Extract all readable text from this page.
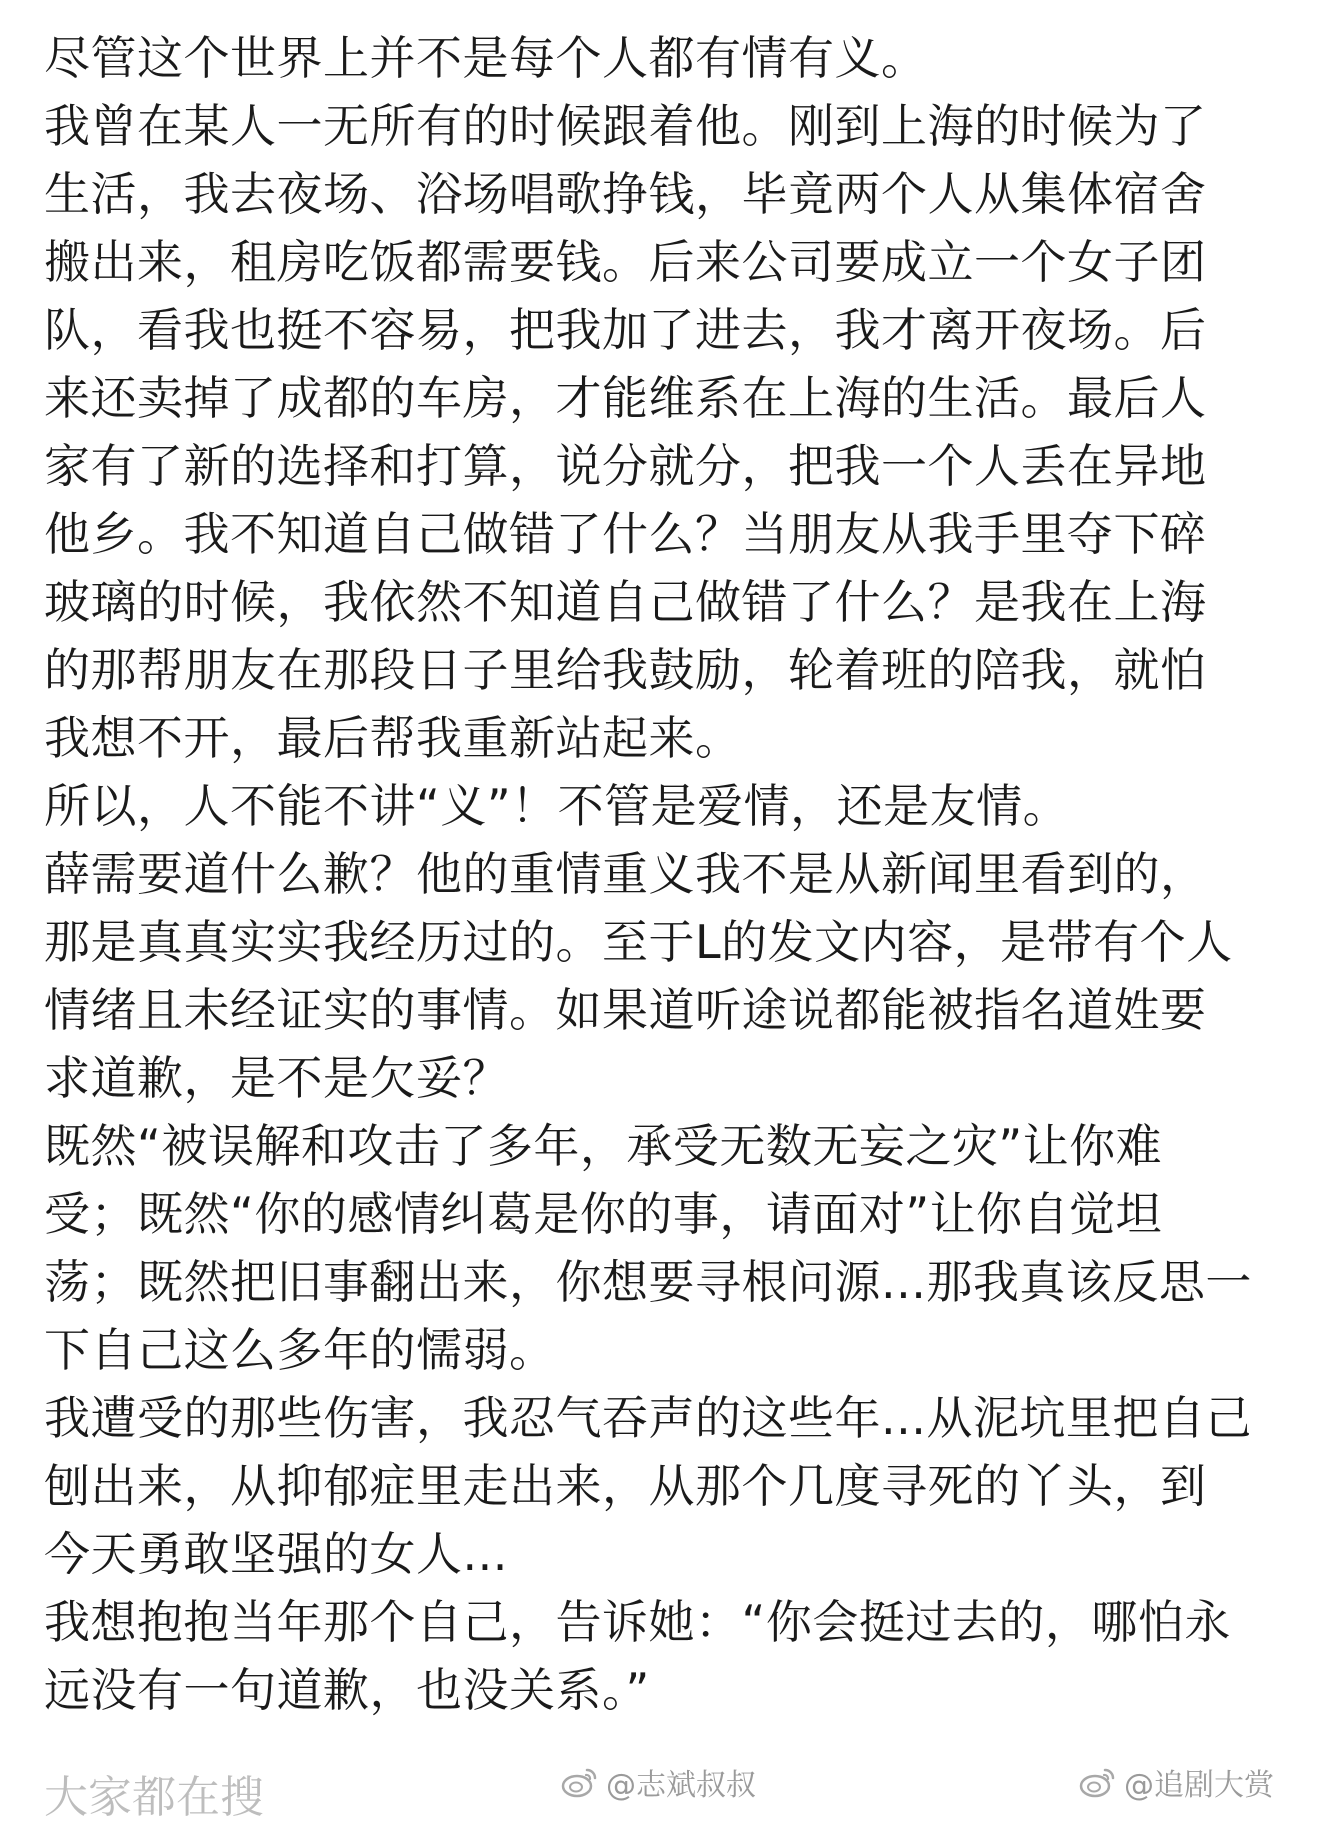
尽管这个世界上并不是每个人都有情有义。
我曾在某人一无所有的时候跟着他。刚到上海的时候为了
生活，我去夜场、浴场唱歌挣钱，毕竟两个人从集体宿舍
搬出来，租房吃饭都需要钱。后来公司要成立一个女子团
队，看我也挺不容易，把我加了进去，我才离开夜场。后
来还卖掉了成都的车房，才能维系在上海的生活。最后人
家有了新的选择和打算，说分就分，把我一个人丢在异地
他乡。我不知道自己做错了什么？当朋友从我手里夺下碎
玻璃的时候，我依然不知道自己做错了什么？是我在上海
的那帮朋友在那段日子里给我鼓励，轮着班的陪我，就怕
我想不开，最后帮我重新站起来。
所以，人不能不讲“义”！不管是爱情，还是友情。
薛需要道什么歉？他的重情重义我不是从新闻里看到的，
那是真真实实我经历过的。至于L的发文内容，是带有个人
情绪且未经证实的事情。如果道听途说都能被指名道姓要
求道歉，是不是欠妥？
既然“被误解和攻击了多年，承受无数无妄之灾”让你难
受；既然“你的感情纠葛是你的事，请面对”让你自觉坦
荡；既然把旧事翻出来，你想要寻根问源...那我真该反思一
下自己这么多年的懦弱。
我遭受的那些伤害，我忍气吞声的这些年...从泥坑里把自己
刨出来，从抑郁症里走出来，从那个几度寻死的丫头，到
今天勇敢坚强的女人...
我想抱抱当年那个自己，告诉她：“你会挺过去的，哪怕永
远没有一句道歉，也没关系。”
大家都在搜	@志斌叔叔	@追剧大赏
